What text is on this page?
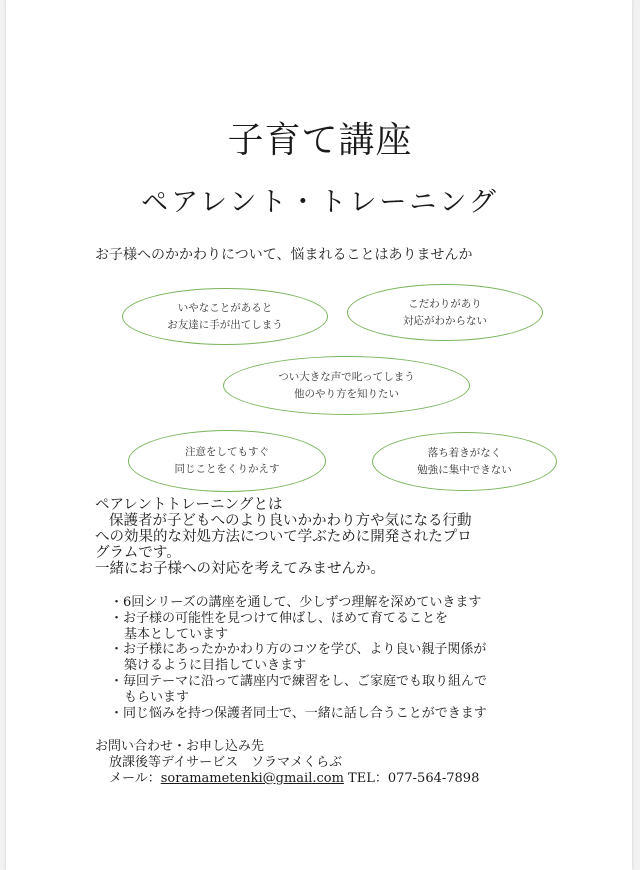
子育て講座
ペアレント・トレーニング
お子様へのかかわりについて、悩まれることはありませんか
いやなことがあると
お友達に手が出てしまう
こだわりがあり
対応がわからない
つい大きな声で叱ってしまう
他のやり方を知りたい
注意をしてもすぐ
同じことをくりかえす
落ち着きがなく
勉強に集中できない
ペアレントトレーニングとは
保護者が子どもへのより良いかかわり方や気になる行動
への効果的な対処方法について学ぶために開発されたプロ
グラムです。
一緒にお子様への対応を考えてみませんか。
・6回シリーズの講座を通して、少しずつ理解を深めていきます
・お子様の可能性を見つけて伸ばし、ほめて育てることを
基本としています
・お子様にあったかかわり方のコツを学び、より良い親子関係が
築けるように目指していきます
・毎回テーマに沿って講座内で練習をし、ご家庭でも取り組んで
もらいます
・同じ悩みを持つ保護者同士で、一緒に話し合うことができます
お問い合わせ・お申し込み先
放課後等デイサービス　ソラマメくらぶ
メール：soramametenki@gmail.com TEL：077-564-7898
